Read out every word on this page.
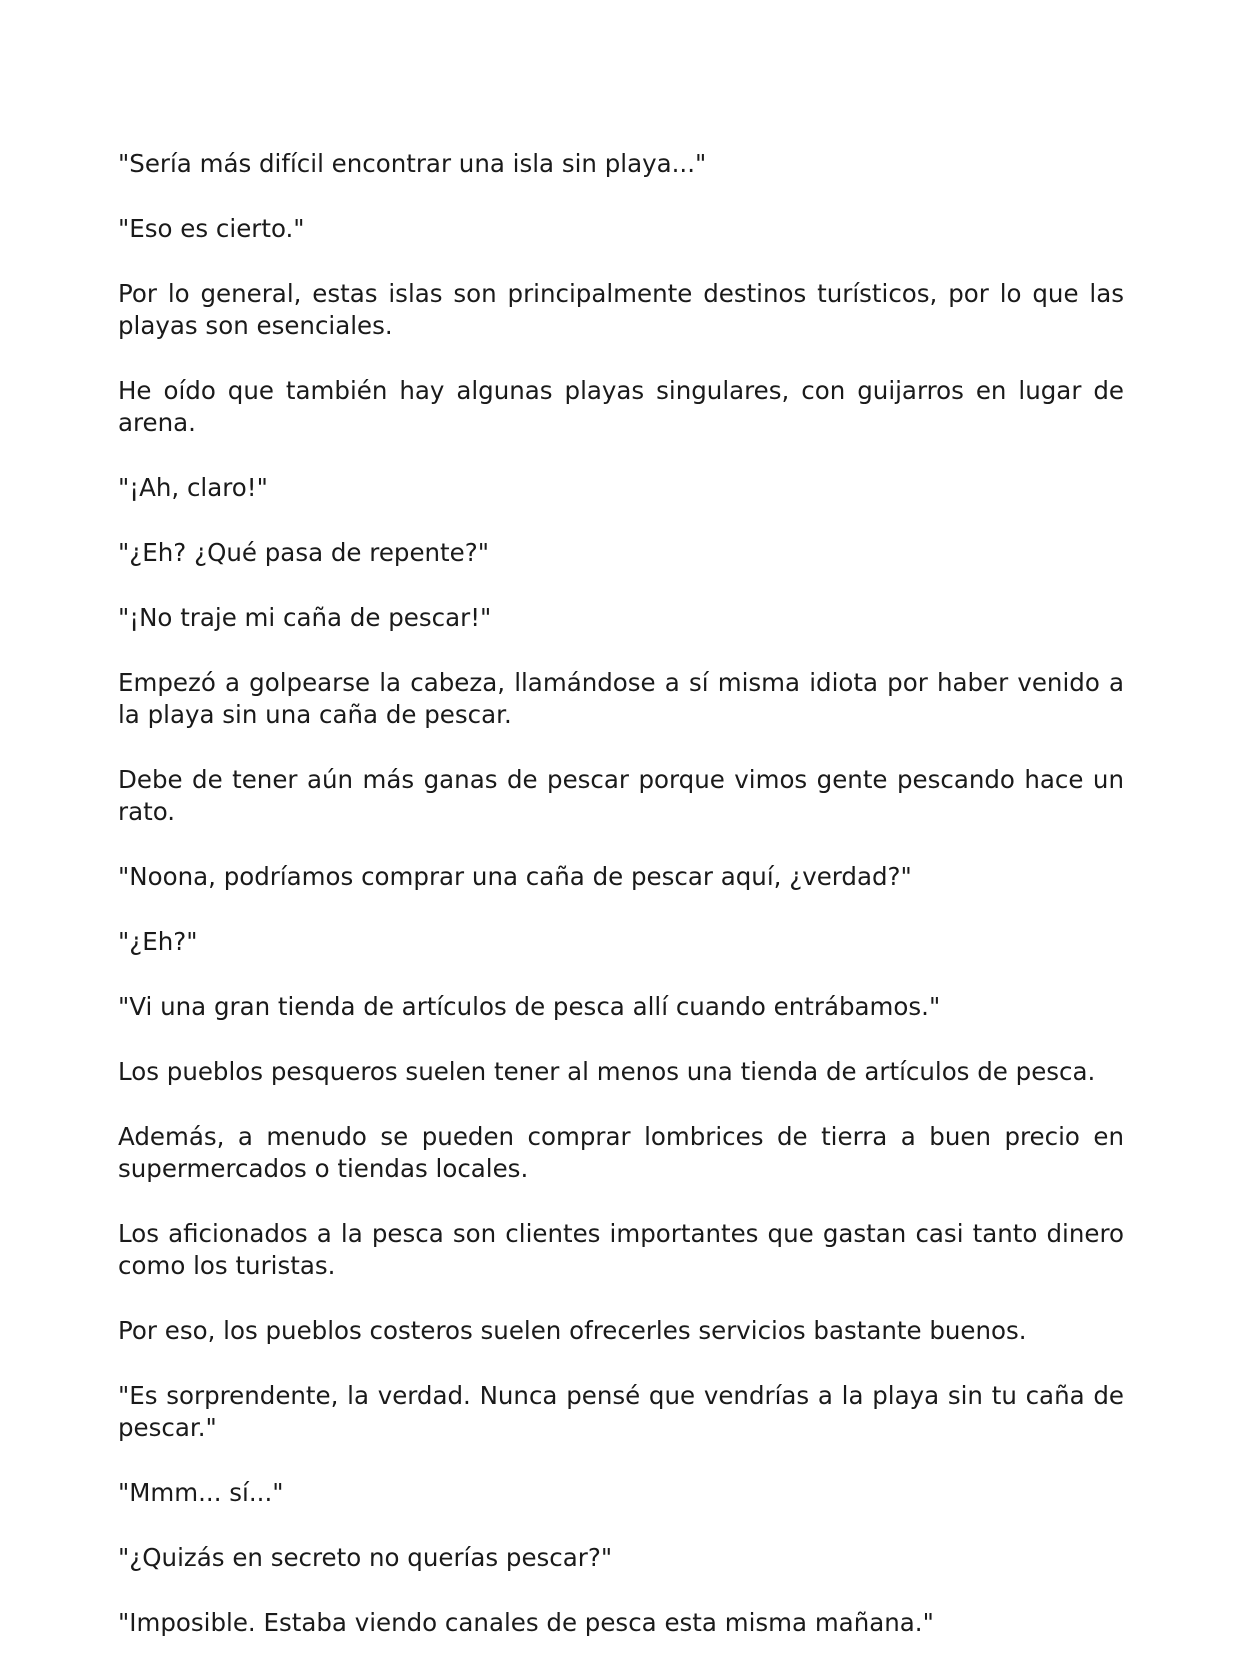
"Sería más difícil encontrar una isla sin playa..."

"Eso es cierto."

Por lo general, estas islas son principalmente destinos turísticos, por lo que las playas son esenciales.

He oído que también hay algunas playas singulares, con guijarros en lugar de arena.

"¡Ah, claro!"

"¿Eh? ¿Qué pasa de repente?"

"¡No traje mi caña de pescar!"

Empezó a golpearse la cabeza, llamándose a sí misma idiota por haber venido a la playa sin una caña de pescar.

Debe de tener aún más ganas de pescar porque vimos gente pescando hace un rato.

"Noona, podríamos comprar una caña de pescar aquí, ¿verdad?"

"¿Eh?"

"Vi una gran tienda de artículos de pesca allí cuando entrábamos."

Los pueblos pesqueros suelen tener al menos una tienda de artículos de pesca.

Además, a menudo se pueden comprar lombrices de tierra a buen precio en supermercados o tiendas locales.

Los aficionados a la pesca son clientes importantes que gastan casi tanto dinero como los turistas.

Por eso, los pueblos costeros suelen ofrecerles servicios bastante buenos.

"Es sorprendente, la verdad. Nunca pensé que vendrías a la playa sin tu caña de pescar."

"Mmm... sí..."

"¿Quizás en secreto no querías pescar?"

"Imposible. Estaba viendo canales de pesca esta misma mañana."
